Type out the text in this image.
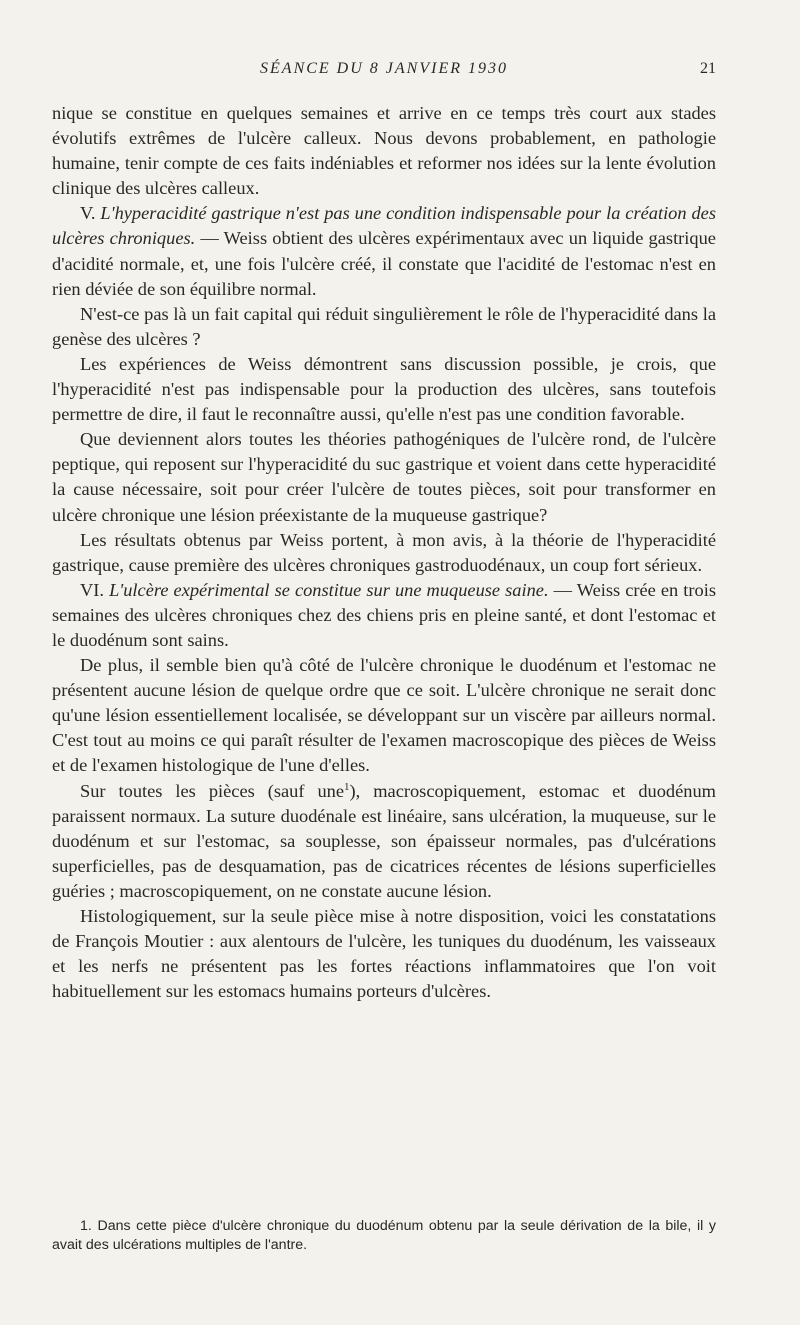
SÉANCE DU 8 JANVIER 1930	21

nique se constitue en quelques semaines et arrive en ce temps très court aux stades évolutifs extrêmes de l'ulcère calleux. Nous devons probablement, en pathologie humaine, tenir compte de ces faits indéniables et reformer nos idées sur la lente évolution clinique des ulcères calleux.

V. L'hyperacidité gastrique n'est pas une condition indispensable pour la création des ulcères chroniques. — Weiss obtient des ulcères expérimentaux avec un liquide gastrique d'acidité normale, et, une fois l'ulcère créé, il constate que l'acidité de l'estomac n'est en rien déviée de son équilibre normal.

N'est-ce pas là un fait capital qui réduit singulièrement le rôle de l'hyperacidité dans la genèse des ulcères ?

Les expériences de Weiss démontrent sans discussion possible, je crois, que l'hyperacidité n'est pas indispensable pour la production des ulcères, sans toutefois permettre de dire, il faut le reconnaître aussi, qu'elle n'est pas une condition favorable.

Que deviennent alors toutes les théories pathogéniques de l'ulcère rond, de l'ulcère peptique, qui reposent sur l'hyperacidité du suc gastrique et voient dans cette hyperacidité la cause nécessaire, soit pour créer l'ulcère de toutes pièces, soit pour transformer en ulcère chronique une lésion préexistante de la muqueuse gastrique?

Les résultats obtenus par Weiss portent, à mon avis, à la théorie de l'hyperacidité gastrique, cause première des ulcères chroniques gastroduodénaux, un coup fort sérieux.

VI. L'ulcère expérimental se constitue sur une muqueuse saine. — Weiss crée en trois semaines des ulcères chroniques chez des chiens pris en pleine santé, et dont l'estomac et le duodénum sont sains.

De plus, il semble bien qu'à côté de l'ulcère chronique le duodénum et l'estomac ne présentent aucune lésion de quelque ordre que ce soit. L'ulcère chronique ne serait donc qu'une lésion essentiellement localisée, se développant sur un viscère par ailleurs normal. C'est tout au moins ce qui paraît résulter de l'examen macroscopique des pièces de Weiss et de l'examen histologique de l'une d'elles.

Sur toutes les pièces (sauf une$^1$), macroscopiquement, estomac et duodénum paraissent normaux. La suture duodénale est linéaire, sans ulcération, la muqueuse, sur le duodénum et sur l'estomac, sa souplesse, son épaisseur normales, pas d'ulcérations superficielles, pas de desquamation, pas de cicatrices récentes de lésions superficielles guéries ; macroscopiquement, on ne constate aucune lésion.

Histologiquement, sur la seule pièce mise à notre disposition, voici les constatations de François Moutier : aux alentours de l'ulcère, les tuniques du duodénum, les vaisseaux et les nerfs ne présentent pas les fortes réactions inflammatoires que l'on voit habituellement sur les estomacs humains porteurs d'ulcères.

1. Dans cette pièce d'ulcère chronique du duodénum obtenu par la seule dérivation de la bile, il y avait des ulcérations multiples de l'antre.
